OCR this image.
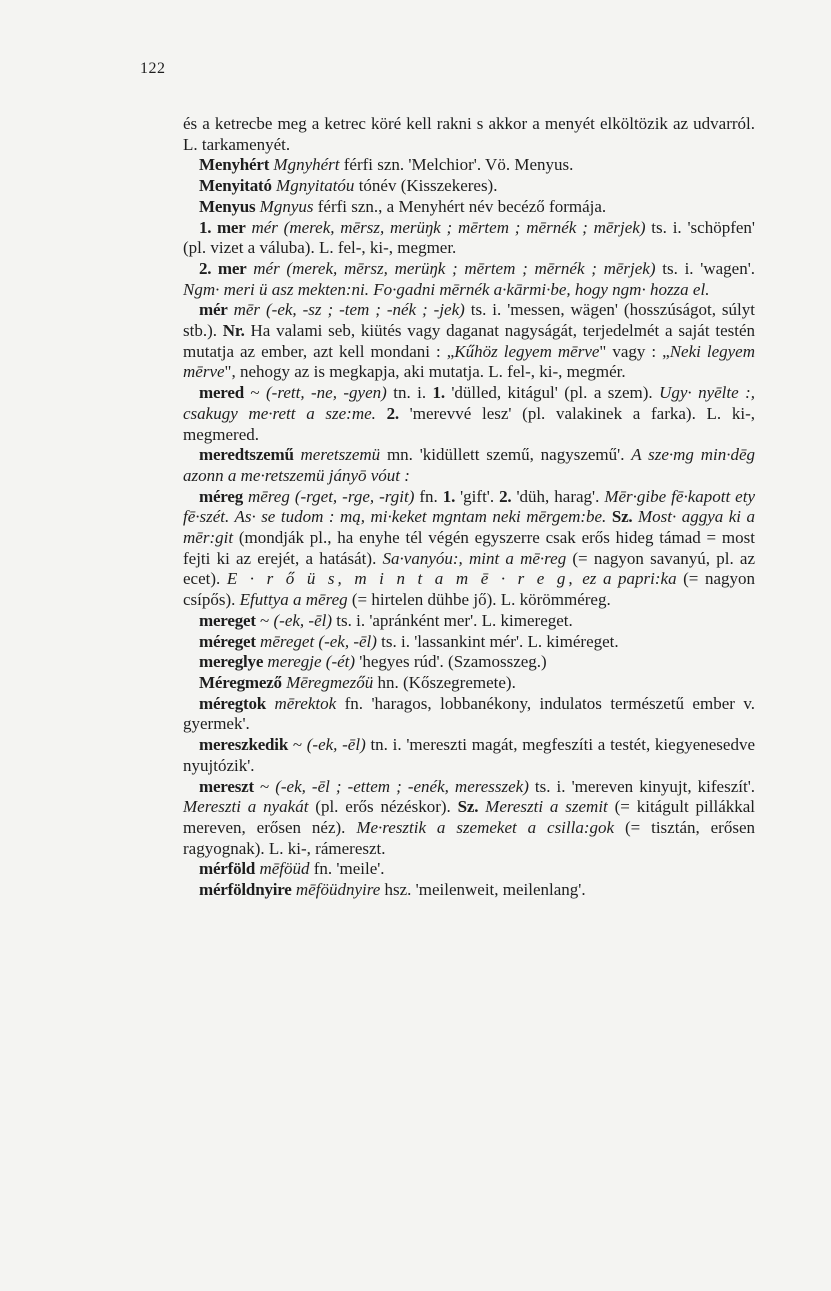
122

és a ketrecbe meg a ketrec köré kell rakni s akkor a menyét elköltözik az udvarról. L. tarkamenyét.

Menyhért Mgnyhért férfi szn. 'Melchior'. Vö. Menyus.

Menyitató Mgnyitatóu tónév (Kisszekeres).

Menyus Mgnyus férfi szn., a Menyhért név becéző formája.

1. mer mér (merek, mērsz, merüŋk ; mērtem ; mērnék ; mērjek) ts. i. 'schöpfen' (pl. vizet a váluba). L. fel-, ki-, megmer.

2. mer mér (merek, mērsz, merüŋk ; mērtem ; mērnék ; mērjek) ts. i. 'wagen'. Ngm· meri ü asz mekten:ni. Fo·gadni mērnék a·kārmi·be, hogy ngm· hozza el.

mér mēr (-ek, -sz ; -tem ; -nék ; -jek) ts. i. 'messen, wägen' (hosszúságot, súlyt stb.). Nr. Ha valami seb, kiütés vagy daganat nagyságát, terjedelmét a saját testén mutatja az ember, azt kell mondani : „Kűhöz legyem mērve" vagy : „Neki legyem mērve", nehogy az is megkapja, aki mutatja. L. fel-, ki-, megmér.

mered ~ (-rett, -ne, -gyen) tn. i. 1. 'dülled, kitágul' (pl. a szem). Ugy· nyēlte :, csakugy me·rett a sze:me. 2. 'merevvé lesz' (pl. valakinek a farka). L. ki-, megmered.

meredtszemű meretszemü mn. 'kidüllett szemű, nagyszemű'. A sze·mg min·dēg azonn a me·retszemü jányō vóut :

méreg mēreg (-rget, -rge, -rgit) fn. 1. 'gift'. 2. 'düh, harag'. Mēr·gibe fē·kapott ety fē·szét. As· se tudom : mą, mi·keket mgntam neki mērgem:be. Sz. Most· aggya ki a mēr:git (mondják pl., ha enyhe tél végén egyszerre csak erős hideg támad = most fejti ki az erejét, a hatását). Sa·vanyóu:, mint a mē·reg (= nagyon savanyú, pl. az ecet). E · r ő ü s, m i n t a m ē · r e g, ez a papri:ka (= nagyon csípős). Efuttya a mēreg (= hirtelen dühbe jő). L. körömméreg.

mereget ~ (-ek, -ēl) ts. i. 'apránként mer'. L. kimereget.

méreget mēreget (-ek, -ēl) ts. i. 'lassankint mér'. L. kiméreget.

mereglye meregje (-ét) 'hegyes rúd'. (Szamosszeg.)

Méregmező Mēregmezőü hn. (Kőszegremete).

méregtok mērektok fn. 'haragos, lobbanékony, indulatos természetű ember v. gyermek'.

mereszkedik ~ (-ek, -ēl) tn. i. 'mereszti magát, megfeszíti a testét, kiegyenesedve nyujtózik'.

mereszt ~ (-ek, -ēl ; -ettem ; -enék, meresszek) ts. i. 'mereven kinyujt, kifeszít'. Mereszti a nyakát (pl. erős nézéskor). Sz. Mereszti a szemit (= kitágult pillákkal mereven, erősen néz). Me·resztik a szemeket a csilla:gok (= tisztán, erősen ragyognak). L. ki-, rámereszt.

mérföld mēföüd fn. 'meile'.

mérföldnyire mēföüdnyire hsz. 'meilenweit, meilenlang'.
